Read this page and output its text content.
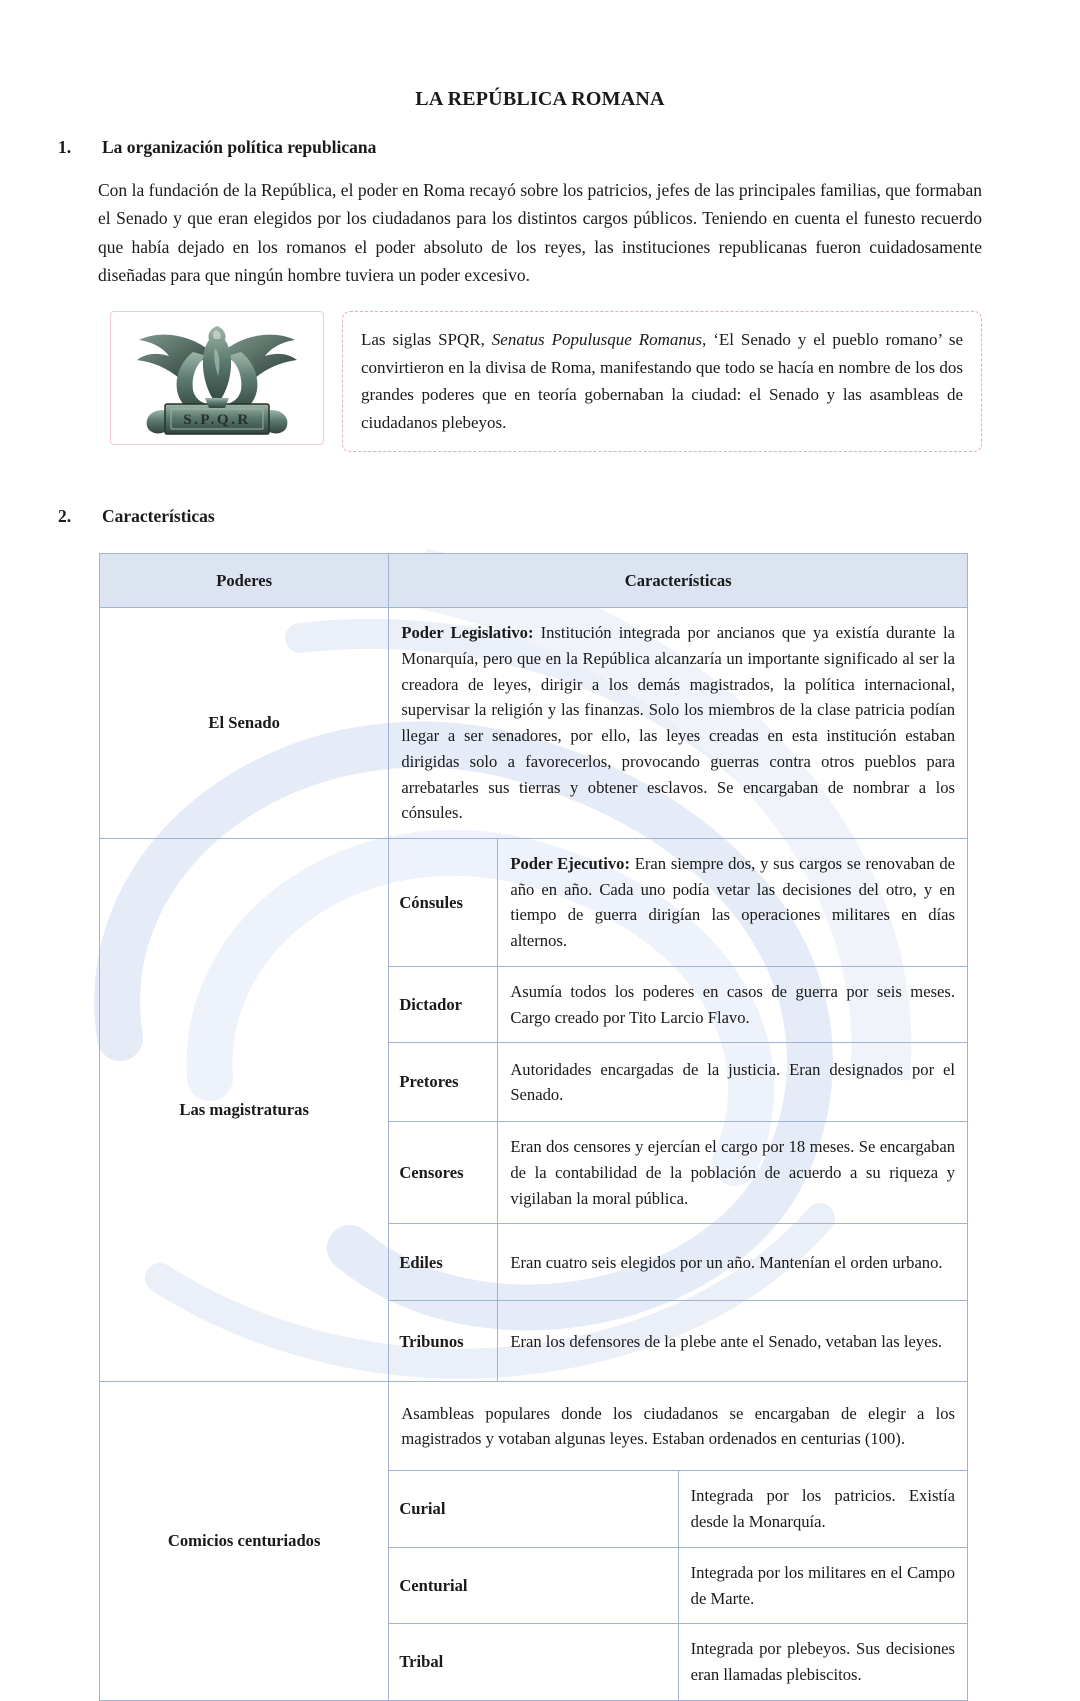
LA REPÚBLICA ROMANA
1.	La organización política republicana

Con la fundación de la República, el poder en Roma recayó sobre los patricios, jefes de las principales familias, que formaban el Senado y que eran elegidos por los ciudadanos para los distintos cargos públicos. Teniendo en cuenta el funesto recuerdo que había dejado en los romanos el poder absoluto de los reyes, las instituciones republicanas fueron cuidadosamente diseñadas para que ningún hombre tuviera un poder excesivo.

S.P.Q.R
Las siglas SPQR, Senatus Populusque Romanus, ‘El Senado y el pueblo romano’ se convirtieron en la divisa de Roma, manifestando que todo se hacía en nombre de los dos grandes poderes que en teoría gobernaban la ciudad: el Senado y las asambleas de ciudadanos plebeyos.
2.	Características
Poderes	Características
El Senado	Poder Legislativo: Institución integrada por ancianos que ya existía durante la Monarquía, pero que en la República alcanzaría un importante significado al ser la creadora de leyes, dirigir a los demás magistrados, la política internacional, supervisar la religión y las finanzas. Solo los miembros de la clase patricia podían llegar a ser senadores, por ello, las leyes creadas en esta institución estaban dirigidas solo a favorecerlos, provocando guerras contra otros pueblos para arrebatarles sus tierras y obtener esclavos. Se encargaban de nombrar a los cónsules.
Las magistraturas	
Cónsules	Poder Ejecutivo: Eran siempre dos, y sus cargos se renovaban de año en año. Cada uno podía vetar las decisiones del otro, y en tiempo de guerra dirigían las operaciones militares en días alternos.
Dictador	Asumía todos los poderes en casos de guerra por seis meses. Cargo creado por Tito Larcio Flavo.
Pretores	Autoridades encargadas de la justicia. Eran designados por el Senado.
Censores	Eran dos censores y ejercían el cargo por 18 meses. Se encargaban de la contabilidad de la población de acuerdo a su riqueza y vigilaban la moral pública.
Ediles	Eran cuatro seis elegidos por un año. Mantenían el orden urbano.
Tribunos	Eran los defensores de la plebe ante el Senado, vetaban las leyes.

Comicios centuriados	
Asambleas populares donde los ciudadanos se encargaban de elegir a los magistrados y votaban algunas leyes. Estaban ordenados en centurias (100).
Curial	Integrada por los patricios. Existía desde la Monarquía.
Centurial	Integrada por los militares en el Campo de Marte.
Tribal	Integrada por plebeyos. Sus decisiones eran llamadas plebiscitos.
